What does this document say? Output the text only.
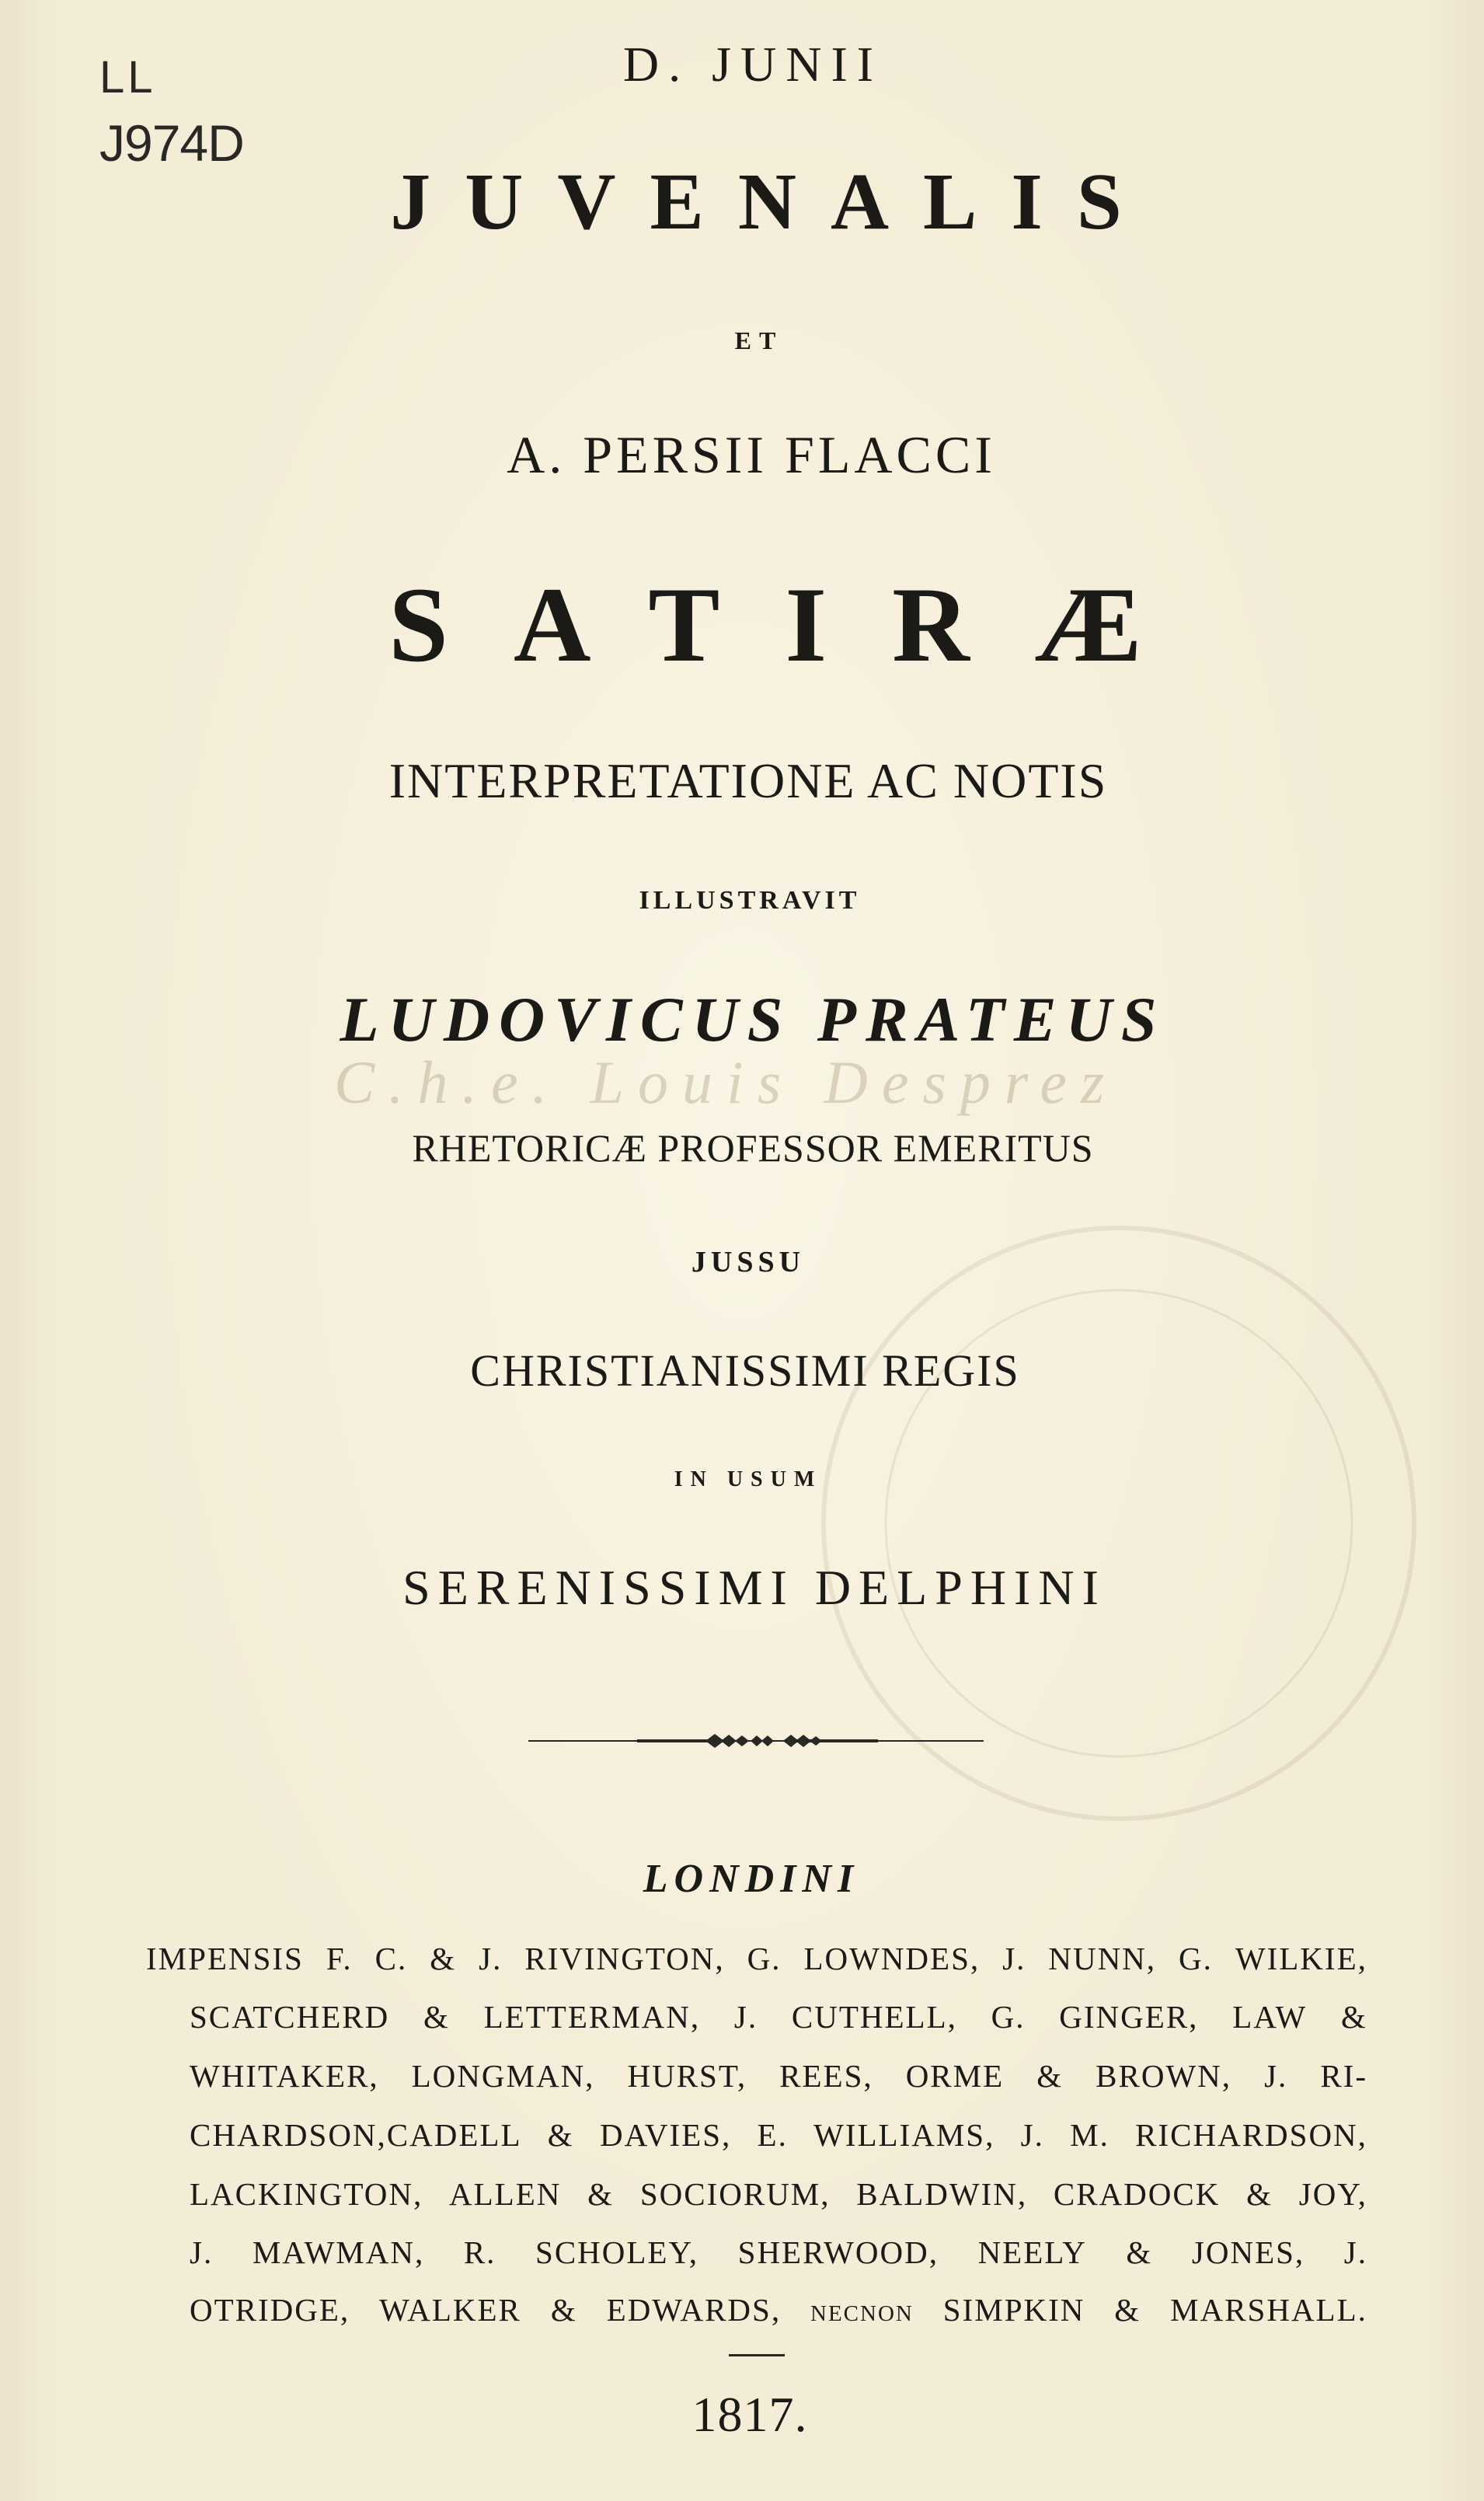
LL
J974D
D. JUNII
JUVENALIS
ET
A. PERSII FLACCI
SATIRÆ
INTERPRETATIONE AC NOTIS
ILLUSTRAVIT
LUDOVICUS PRATEUS
C.h.e. Louis Desprez
RHETORICÆ PROFESSOR EMERITUS
JUSSU
CHRISTIANISSIMI REGIS
IN USUM
SERENISSIMI DELPHINI
LONDINI
IMPENSIS F. C. & J. RIVINGTON, G. LOWNDES, J. NUNN, G. WILKIE,
SCATCHERD & LETTERMAN, J. CUTHELL, G. GINGER, LAW &
WHITAKER, LONGMAN, HURST, REES, ORME & BROWN, J. RI-
CHARDSON,CADELL & DAVIES, E. WILLIAMS, J. M. RICHARDSON,
LACKINGTON, ALLEN & SOCIORUM, BALDWIN, CRADOCK & JOY,
J. MAWMAN, R. SCHOLEY, SHERWOOD, NEELY & JONES, J.
OTRIDGE, WALKER & EDWARDS, necnon SIMPKIN & MARSHALL.
1817.
